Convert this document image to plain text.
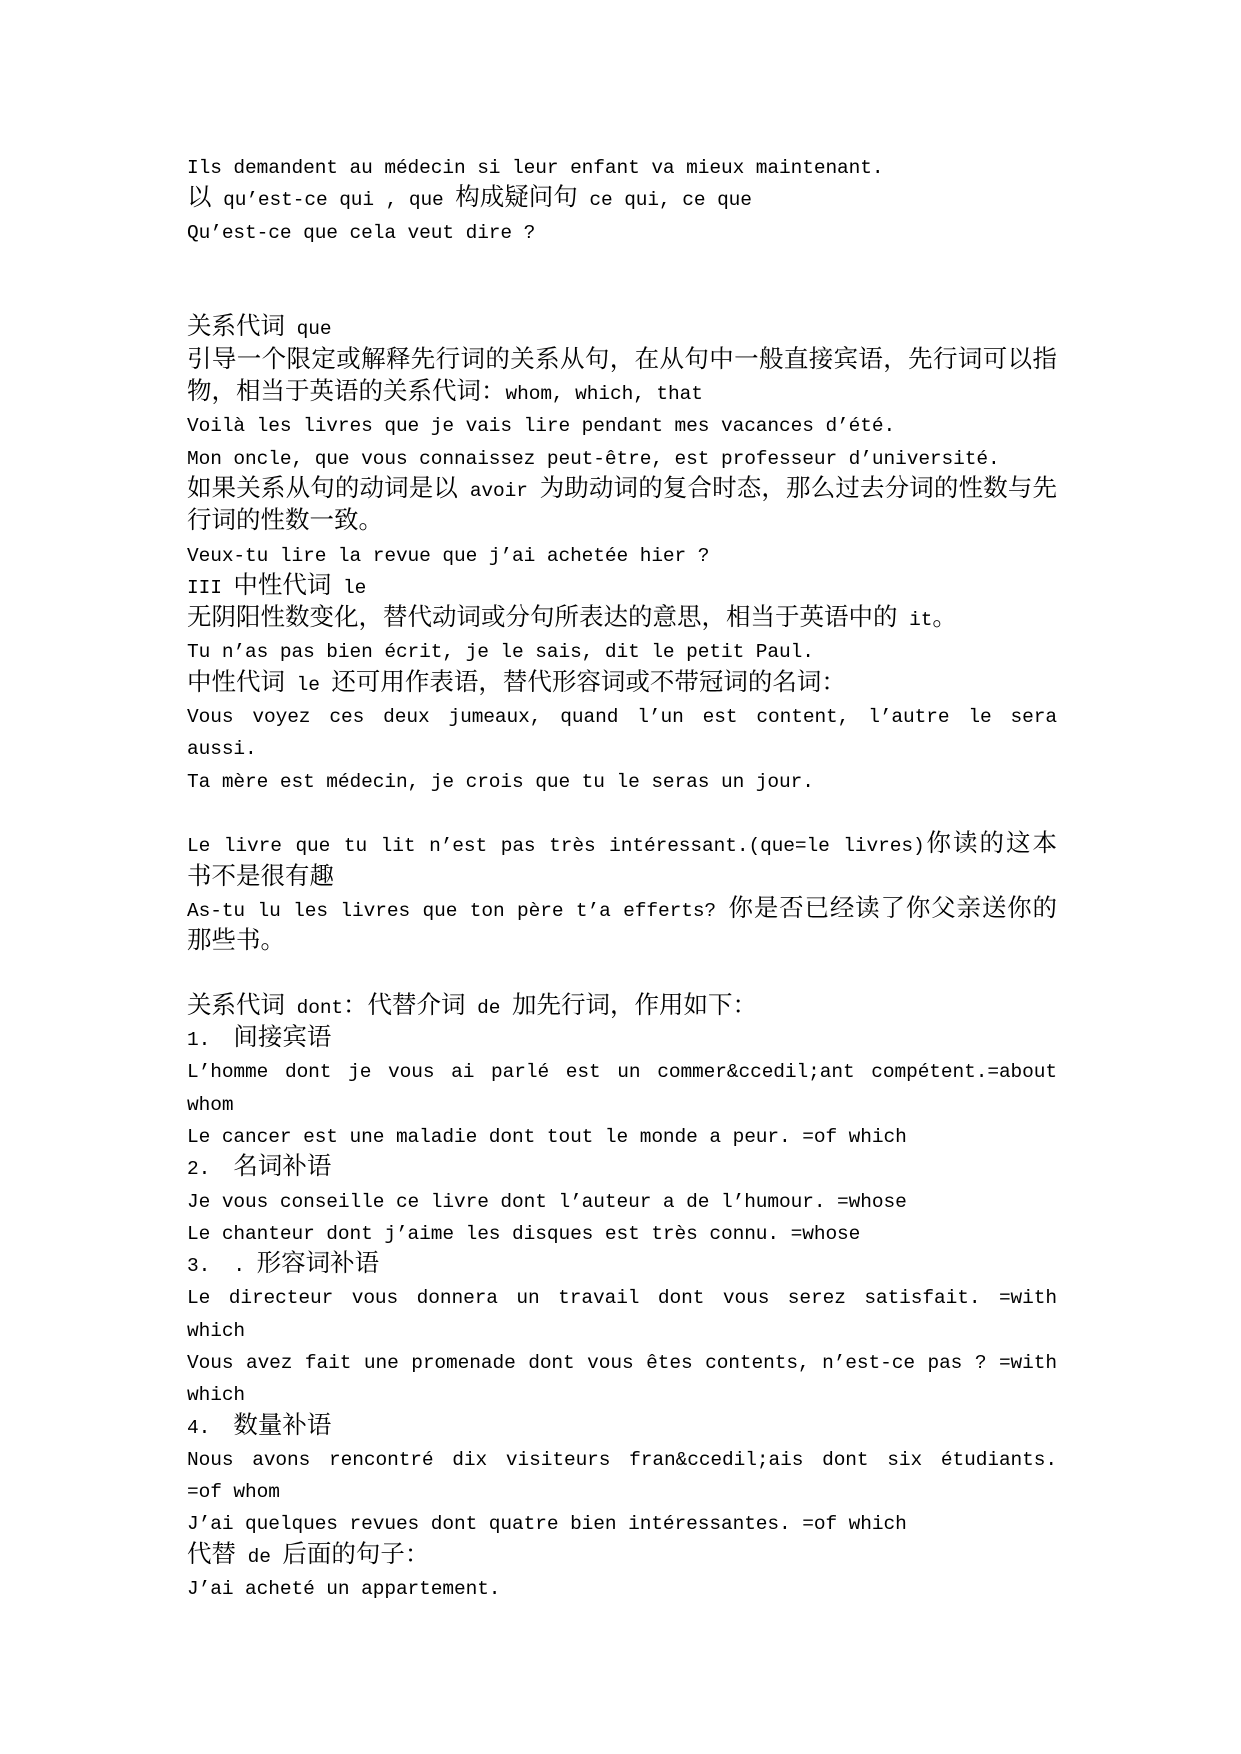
Ils demandent au médecin si leur enfant va mieux maintenant.

以 qu’est-ce qui , que 构成疑问句 ce qui, ce que

Qu’est-ce que cela veut dire ?

关系代词 que

引导一个限定或解释先行词的关系从句，在从句中一般直接宾语，先行词可以指

物，相当于英语的关系代词：whom, which, that

Voilà les livres que je vais lire pendant mes vacances d’été.

Mon oncle, que vous connaissez peut-être, est professeur d’université.

如果关系从句的动词是以 avoir 为助动词的复合时态，那么过去分词的性数与先

行词的性数一致。

Veux-tu lire la revue que j’ai achetée hier ?

III 中性代词 le

无阴阳性数变化，替代动词或分句所表达的意思，相当于英语中的 it。

Tu n’as pas bien écrit, je le sais, dit le petit Paul.

中性代词 le 还可用作表语，替代形容词或不带冠词的名词：

Vous voyez ces deux jumeaux, quand l’un est content, l’autre le sera

aussi.

Ta mère est médecin, je crois que tu le seras un jour.

Le livre que tu lit n’est pas très intéressant.(que=le livres)你读的这本

书不是很有趣

As-tu lu les livres que ton père t’a efferts? 你是否已经读了你父亲送你的

那些书。

关系代词 dont：代替介词 de 加先行词，作用如下：

1.  间接宾语

L’homme dont je vous ai parlé est un commer&ccedil;ant compétent.=about

whom

Le cancer est une maladie dont tout le monde a peur. =of which

2.  名词补语

Je vous conseille ce livre dont l’auteur a de l’humour. =whose

Le chanteur dont j’aime les disques est très connu. =whose

3.  . 形容词补语

Le directeur vous donnera un travail dont vous serez satisfait. =with

which

Vous avez fait une promenade dont vous êtes contents, n’est-ce pas ? =with

which

4.  数量补语

Nous avons rencontré dix visiteurs fran&ccedil;ais dont six étudiants.

=of whom

J’ai quelques revues dont quatre bien intéressantes. =of which

代替 de 后面的句子：

J’ai acheté un appartement.
